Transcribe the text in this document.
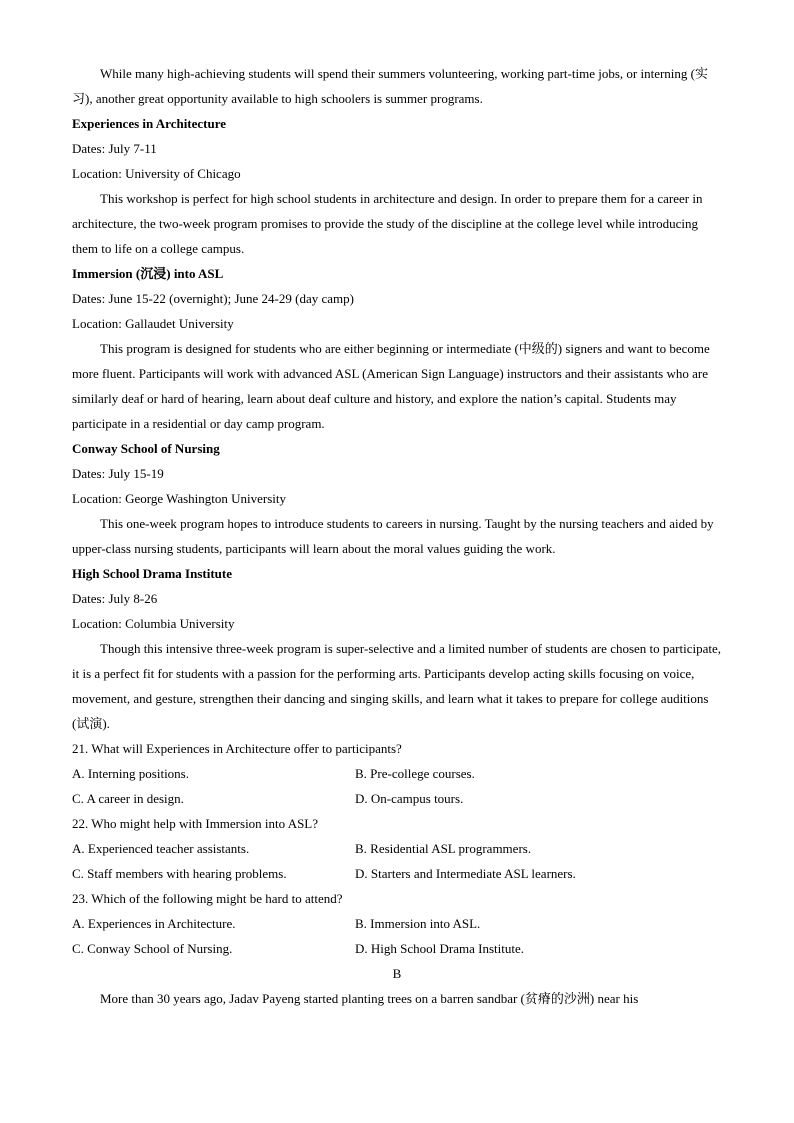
While many high-achieving students will spend their summers volunteering, working part-time jobs, or interning (实习), another great opportunity available to high schoolers is summer programs.

Experiences in Architecture

Dates: July 7-11

Location: University of Chicago

This workshop is perfect for high school students in architecture and design. In order to prepare them for a career in architecture, the two-week program promises to provide the study of the discipline at the college level while introducing them to life on a college campus.

Immersion (沉浸) into ASL

Dates: June 15-22 (overnight); June 24-29 (day camp)

Location: Gallaudet University

This program is designed for students who are either beginning or intermediate (中级的) signers and want to become more fluent. Participants will work with advanced ASL (American Sign Language) instructors and their assistants who are similarly deaf or hard of hearing, learn about deaf culture and history, and explore the nation’s capital. Students may participate in a residential or day camp program.

Conway School of Nursing

Dates: July 15-19

Location: George Washington University

This one-week program hopes to introduce students to careers in nursing. Taught by the nursing teachers and aided by upper-class nursing students, participants will learn about the moral values guiding the work.

High School Drama Institute

Dates: July 8-26

Location: Columbia University

Though this intensive three-week program is super-selective and a limited number of students are chosen to participate, it is a perfect fit for students with a passion for the performing arts. Participants develop acting skills focusing on voice, movement, and gesture, strengthen their dancing and singing skills, and learn what it takes to prepare for college auditions (试演).

21. What will Experiences in Architecture offer to participants?

A. Interning positions.	B. Pre-college courses.
C. A career in design.	D. On-campus tours.

22. Who might help with Immersion into ASL?

A. Experienced teacher assistants.	B. Residential ASL programmers.
C. Staff members with hearing problems.	D. Starters and Intermediate ASL learners.

23. Which of the following might be hard to attend?

A. Experiences in Architecture.	B. Immersion into ASL.
C. Conway School of Nursing.	D. High School Drama Institute.

B

More than 30 years ago, Jadav Payeng started planting trees on a barren sandbar (贫瘠的沙洲) near his
